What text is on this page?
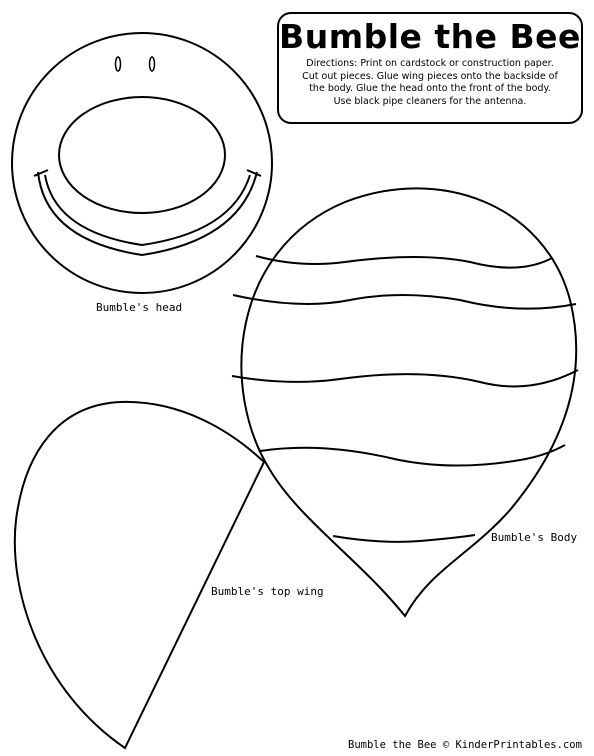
Bumble the Bee
Directions: Print on cardstock or construction paper.
Cut out pieces. Glue wing pieces onto the backside of
the body. Glue the head onto the front of the body.
Use black pipe cleaners for the antenna.
Bumble's head
Bumble's Body
Bumble's top wing
Bumble the Bee © KinderPrintables.com
